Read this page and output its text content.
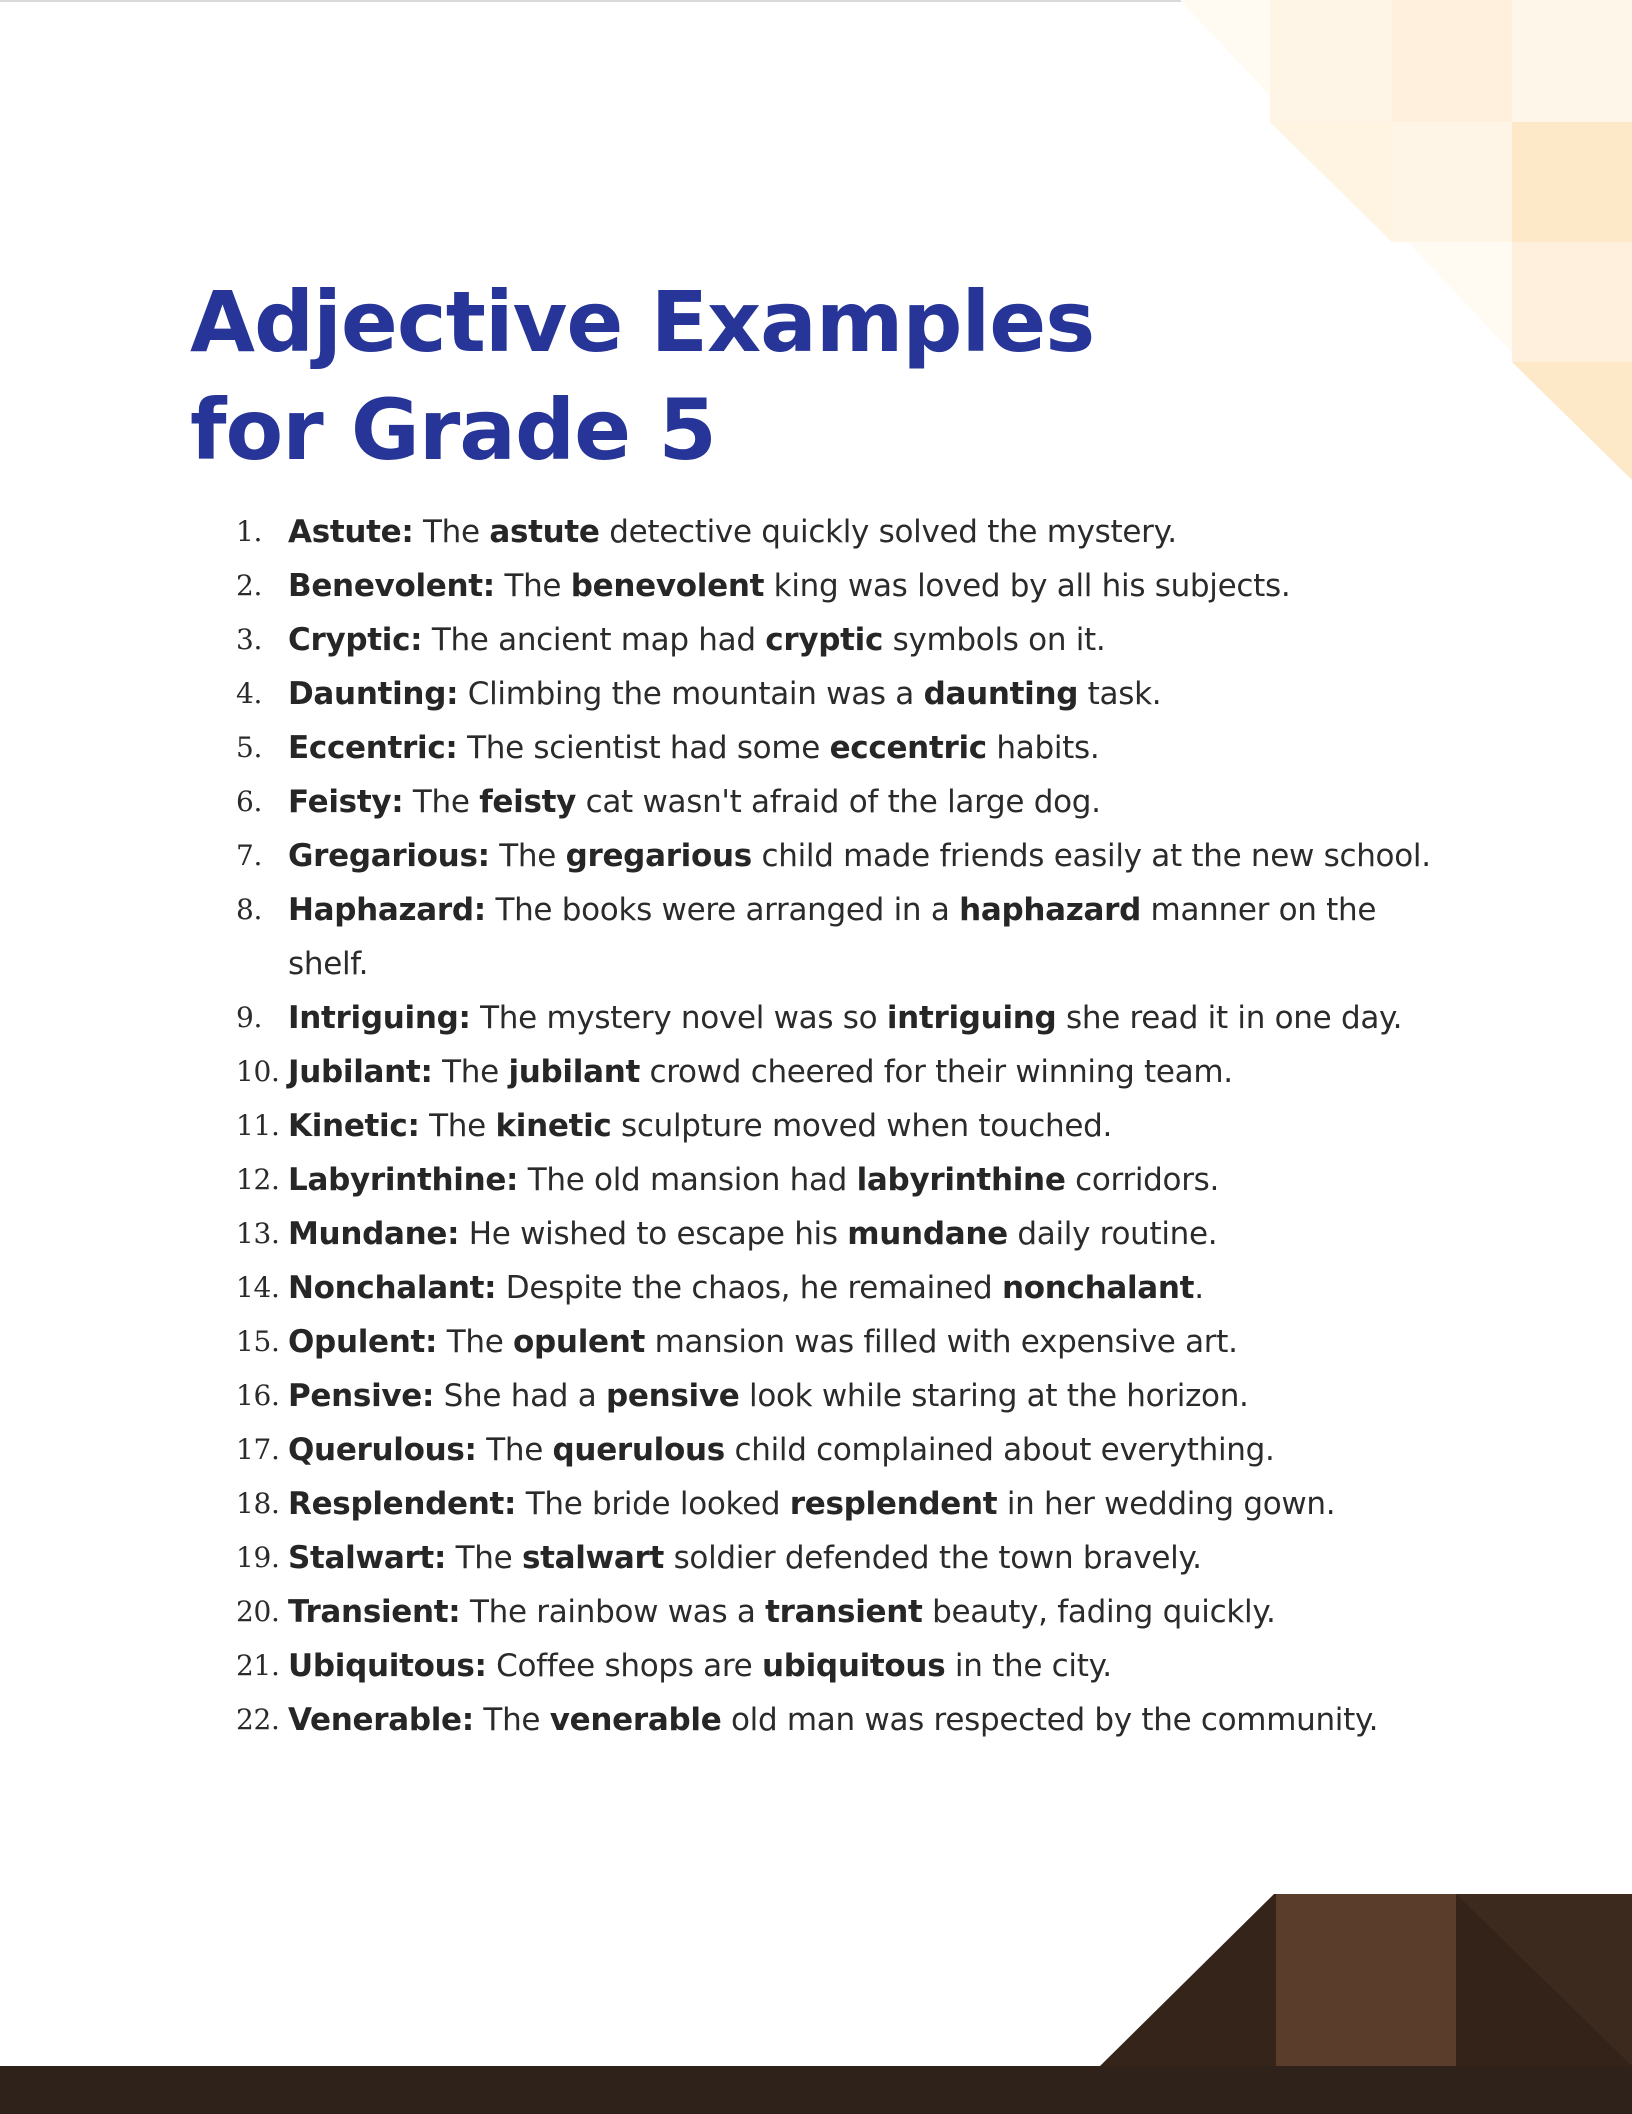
Adjective Examples
for Grade 5
1. Astute: The astute detective quickly solved the mystery.
2. Benevolent: The benevolent king was loved by all his subjects.
3. Cryptic: The ancient map had cryptic symbols on it.
4. Daunting: Climbing the mountain was a daunting task.
5. Eccentric: The scientist had some eccentric habits.
6. Feisty: The feisty cat wasn't afraid of the large dog.
7. Gregarious: The gregarious child made friends easily at the new school.
8. Haphazard: The books were arranged in a haphazard manner on the shelf.
9. Intriguing: The mystery novel was so intriguing she read it in one day.
10. Jubilant: The jubilant crowd cheered for their winning team.
11. Kinetic: The kinetic sculpture moved when touched.
12. Labyrinthine: The old mansion had labyrinthine corridors.
13. Mundane: He wished to escape his mundane daily routine.
14. Nonchalant: Despite the chaos, he remained nonchalant.
15. Opulent: The opulent mansion was filled with expensive art.
16. Pensive: She had a pensive look while staring at the horizon.
17. Querulous: The querulous child complained about everything.
18. Resplendent: The bride looked resplendent in her wedding gown.
19. Stalwart: The stalwart soldier defended the town bravely.
20. Transient: The rainbow was a transient beauty, fading quickly.
21. Ubiquitous: Coffee shops are ubiquitous in the city.
22. Venerable: The venerable old man was respected by the community.
